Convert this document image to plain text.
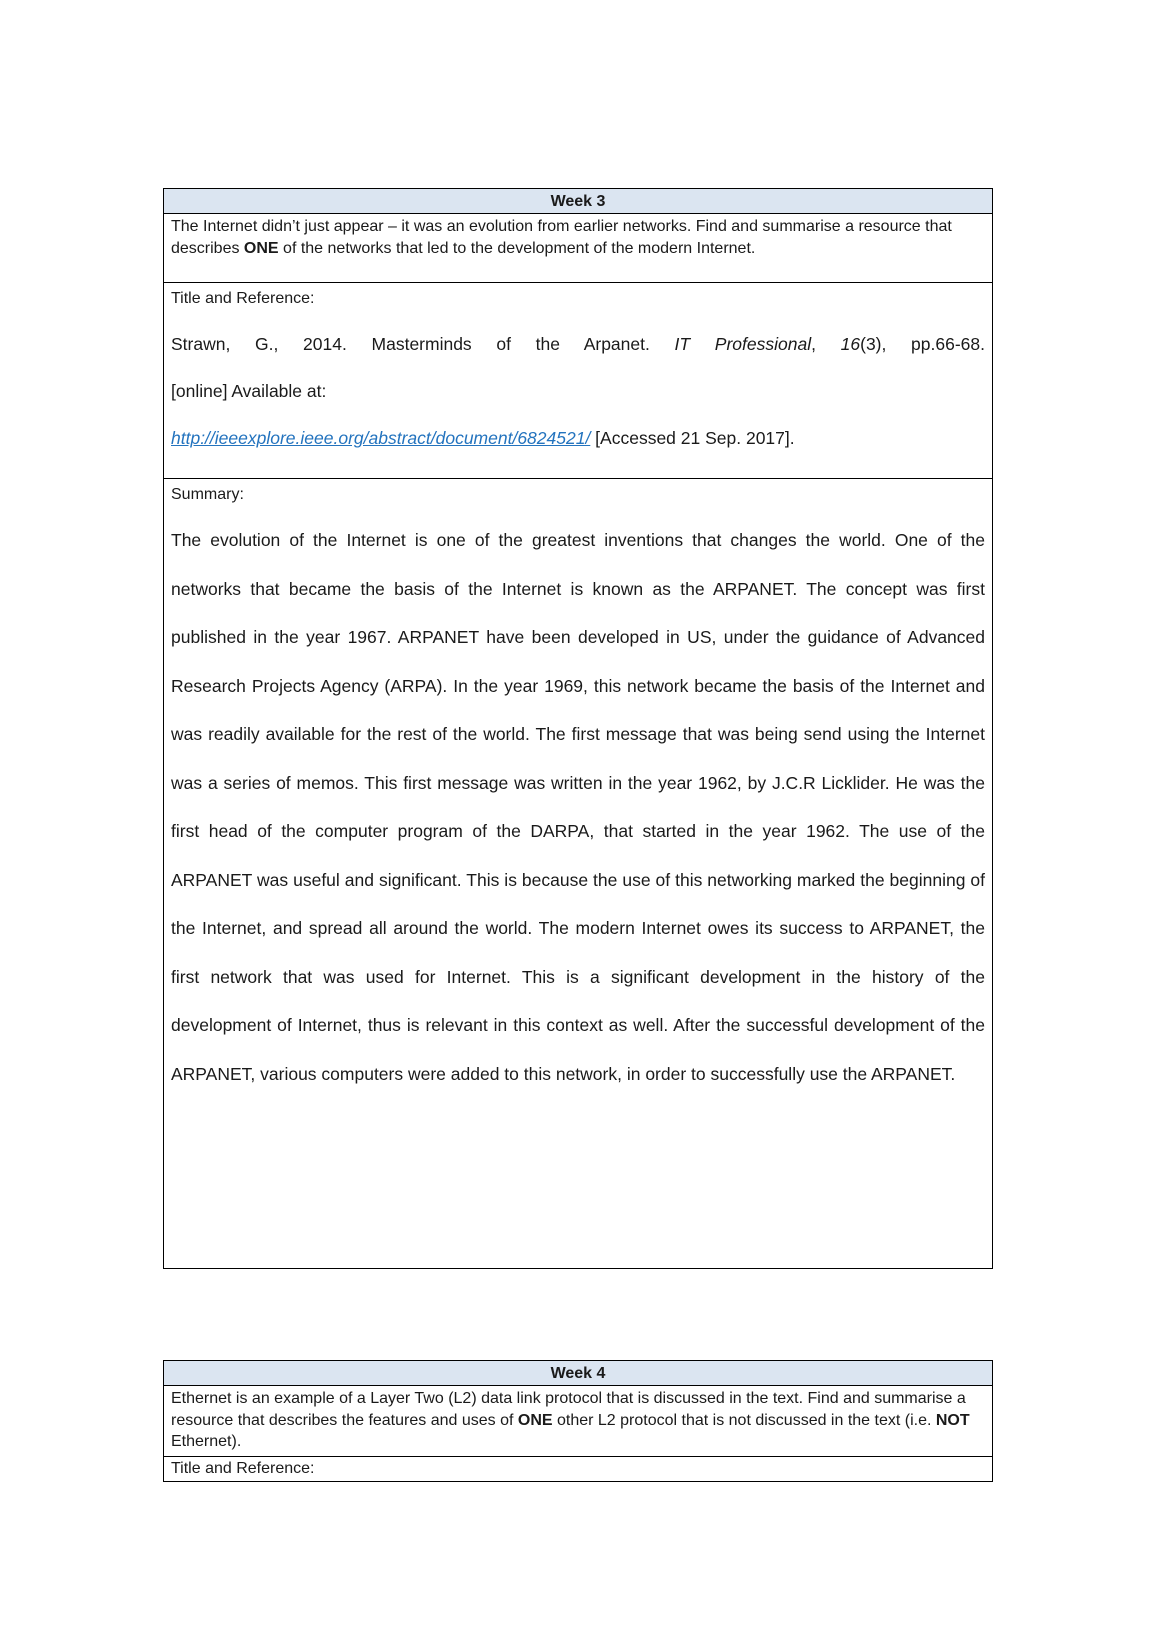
Week 3
The Internet didn’t just appear – it was an evolution from earlier networks. Find and summarise a resource that describes ONE of the networks that led to the development of the modern Internet.
Title and Reference:
Strawn, G., 2014. Masterminds of the Arpanet. IT Professional, 16(3), pp.66-68.
[online] Available at:
http://ieeexplore.ieee.org/abstract/document/6824521/ [Accessed 21 Sep. 2017].
Summary:
The evolution of the Internet is one of the greatest inventions that changes the world. One of the networks that became the basis of the Internet is known as the ARPANET. The concept was first published in the year 1967. ARPANET have been developed in US, under the guidance of Advanced Research Projects Agency (ARPA). In the year 1969, this network became the basis of the Internet and was readily available for the rest of the world. The first message that was being send using the Internet was a series of memos. This first message was written in the year 1962, by J.C.R Licklider. He was the first head of the computer program of the DARPA, that started in the year 1962. The use of the ARPANET was useful and significant. This is because the use of this networking marked the beginning of the Internet, and spread all around the world. The modern Internet owes its success to ARPANET, the first network that was used for Internet. This is a significant development in the history of the development of Internet, thus is relevant in this context as well. After the successful development of the ARPANET, various computers were added to this network, in order to successfully use the ARPANET.
Week 4
Ethernet is an example of a Layer Two (L2) data link protocol that is discussed in the text. Find and summarise a resource that describes the features and uses of ONE other L2 protocol that is not discussed in the text (i.e. NOT Ethernet).
Title and Reference:
